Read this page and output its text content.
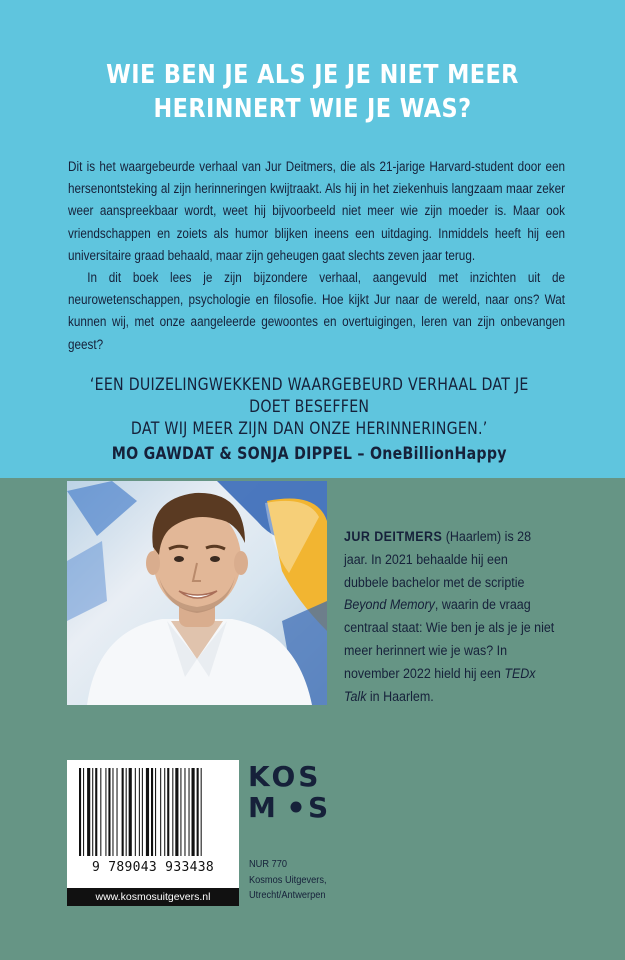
WIE BEN JE ALS JE JE NIET MEER
HERINNERT WIE JE WAS?

Dit is het waargebeurde verhaal van Jur Deitmers, die als 21-jarige Harvard-student door een hersenontsteking al zijn herinneringen kwijtraakt. Als hij in het ziekenhuis langzaam maar zeker weer aanspreekbaar wordt, weet hij bijvoorbeeld niet meer wie zijn moeder is. Maar ook vriendschappen en zoiets als humor blijken ineens een uitdaging. Inmiddels heeft hij een universitaire graad behaald, maar zijn geheugen gaat slechts zeven jaar terug.

In dit boek lees je zijn bijzondere verhaal, aangevuld met inzichten uit de neurowetenschappen, psychologie en filosofie. Hoe kijkt Jur naar de wereld, naar ons? Wat kunnen wij, met onze aangeleerde gewoontes en overtuigingen, leren van zijn onbevangen geest?

‘EEN DUIZELINGWEKKEND WAARGEBEURD VERHAAL DAT JE DOET BESEFFEN
DAT WIJ MEER ZIJN DAN ONZE HERINNERINGEN.’
MO GAWDAT & SONJA DIPPEL – OneBillionHappy

JUR DEITMERS (Haarlem) is 28 jaar. In 2021 behaalde hij een dubbele bachelor met de scriptie Beyond Memory, waarin de vraag centraal staat: Wie ben je als je je niet meer herinnert wie je was? In november 2022 hield hij een TEDx Talk in Haarlem.

9 789043 933438
www.kosmosuitgevers.nl
KOS
M S

NUR 770

Kosmos Uitgevers,

Utrecht/Antwerpen
